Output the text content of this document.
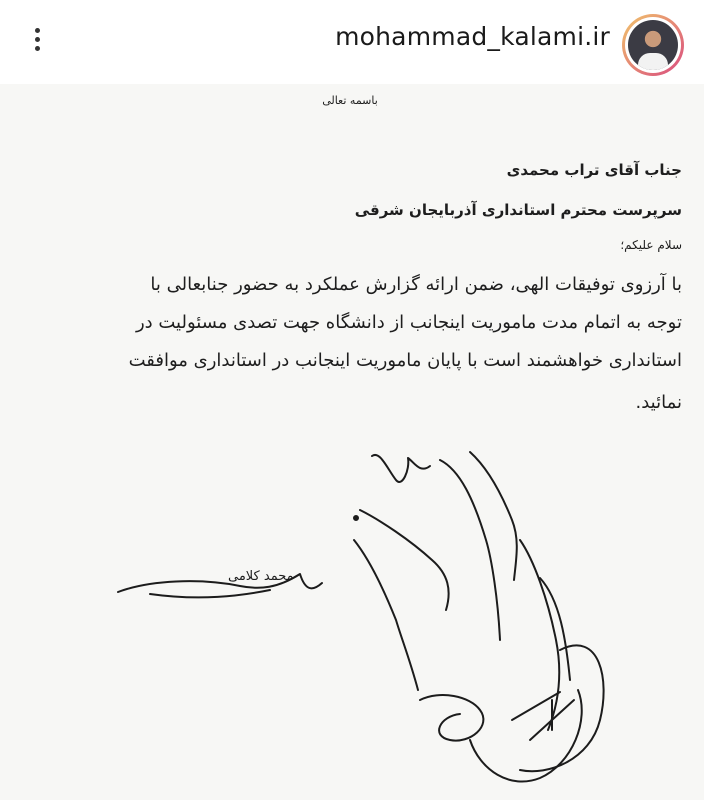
mohammad_kalami.ir
باسمه تعالی
جناب آقای تراب محمدی
سرپرست محترم استانداری آذربایجان شرقی
سلام علیکم؛
با آرزوی توفیقات الهی، ضمن ارائه گزارش عملکرد به حضور جنابعالی با
توجه به اتمام مدت ماموریت اینجانب از دانشگاه جهت تصدی مسئولیت در
استانداری خواهشمند است با پایان ماموریت اینجانب در استانداری موافقت
نمائید.
محمد کلامی
